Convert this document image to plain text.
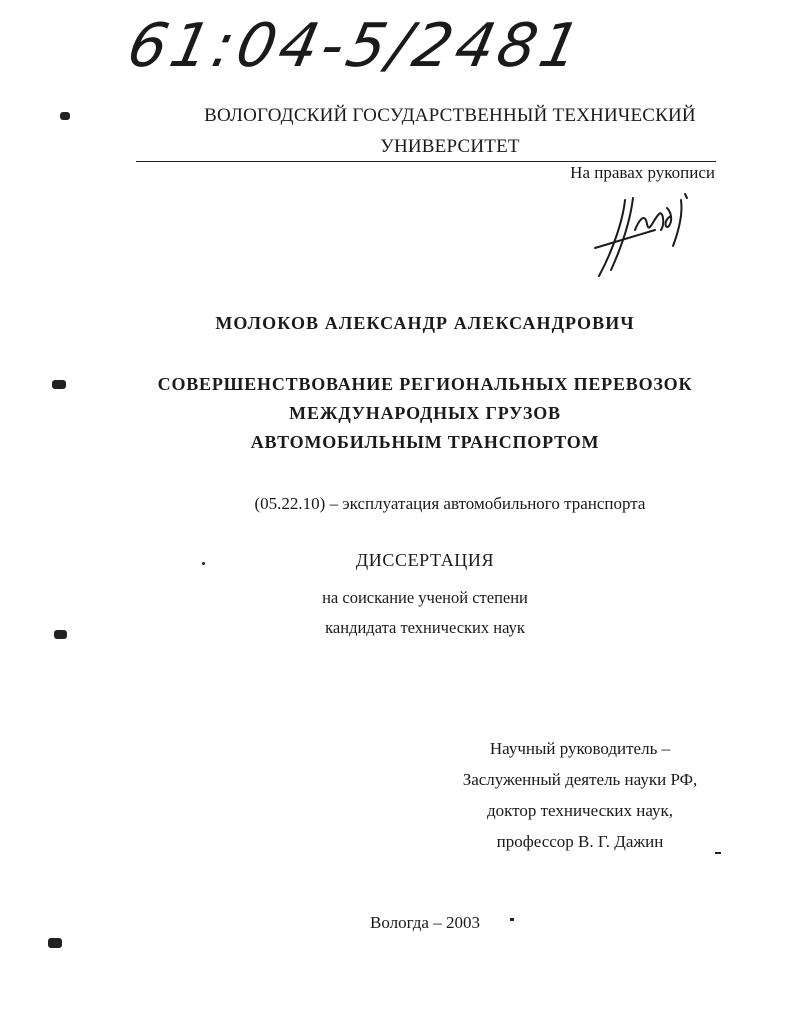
61:04-5/2481
ВОЛОГОДСКИЙ ГОСУДАРСТВЕННЫЙ ТЕХНИЧЕСКИЙ
УНИВЕРСИТЕТ
На правах рукописи
МОЛОКОВ АЛЕКСАНДР АЛЕКСАНДРОВИЧ
СОВЕРШЕНСТВОВАНИЕ РЕГИОНАЛЬНЫХ ПЕРЕВОЗОК
МЕЖДУНАРОДНЫХ ГРУЗОВ
АВТОМОБИЛЬНЫМ ТРАНСПОРТОМ
(05.22.10) – эксплуатация автомобильного транспорта
ДИССЕРТАЦИЯ
на соискание ученой степени
кандидата технических наук
Научный руководитель –
Заслуженный деятель науки РФ,
доктор технических наук,
профессор В. Г. Дажин
Вологда – 2003
